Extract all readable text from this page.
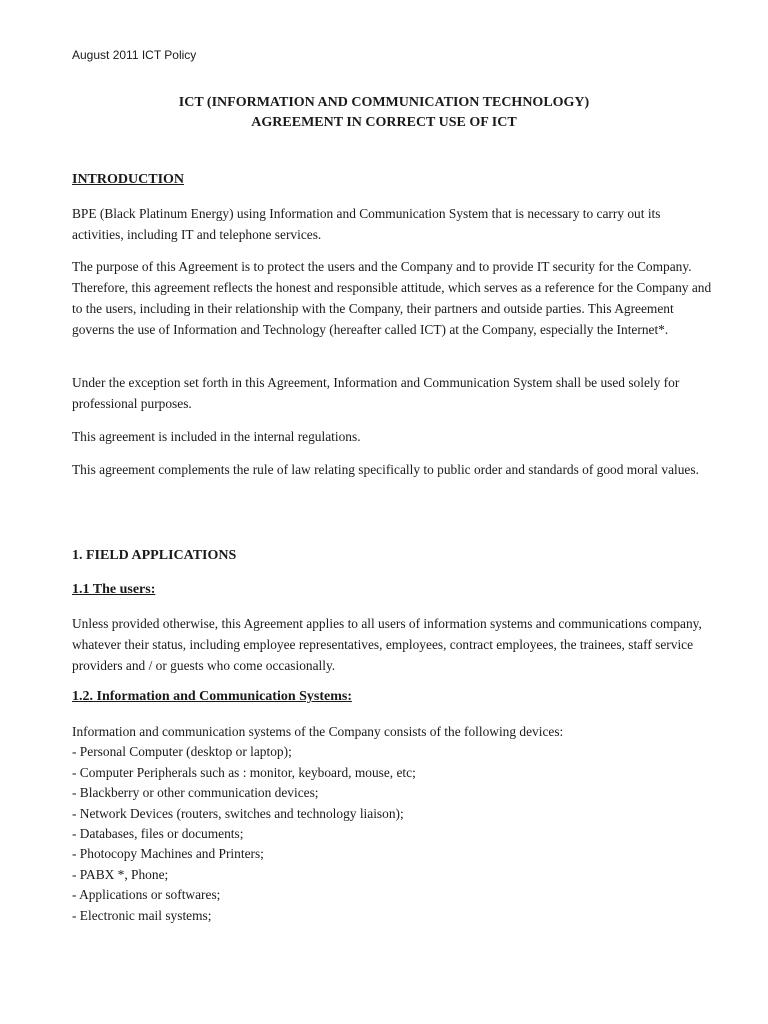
August 2011 ICT Policy
ICT (INFORMATION AND COMMUNICATION TECHNOLOGY)
AGREEMENT IN CORRECT USE OF ICT
INTRODUCTION

BPE (Black Platinum Energy) using Information and Communication System that is necessary to carry out its activities, including IT and telephone services.

The purpose of this Agreement is to protect the users and the Company and to provide IT security for the Company. Therefore, this agreement reflects the honest and responsible attitude, which serves as a reference for the Company and to the users, including in their relationship with the Company, their partners and outside parties. This Agreement governs the use of Information and Technology (hereafter called ICT) at the Company, especially the Internet*.

Under the exception set forth in this Agreement, Information and Communication System shall be used solely for professional purposes.

This agreement is included in the internal regulations.

This agreement complements the rule of law relating specifically to public order and standards of good moral values.

1. FIELD APPLICATIONS
1.1 The users:

Unless provided otherwise, this Agreement applies to all users of information systems and communications company, whatever their status, including employee representatives, employees, contract employees, the trainees, staff service providers and / or guests who come occasionally.

1.2. Information and Communication Systems:
Information and communication systems of the Company consists of the following devices:
- Personal Computer (desktop or laptop);
- Computer Peripherals such as : monitor, keyboard, mouse, etc;
- Blackberry or other communication devices;
- Network Devices (routers, switches and technology liaison);
- Databases, files or documents;
- Photocopy Machines and Printers;
- PABX *, Phone;
- Applications or softwares;
- Electronic mail systems;
